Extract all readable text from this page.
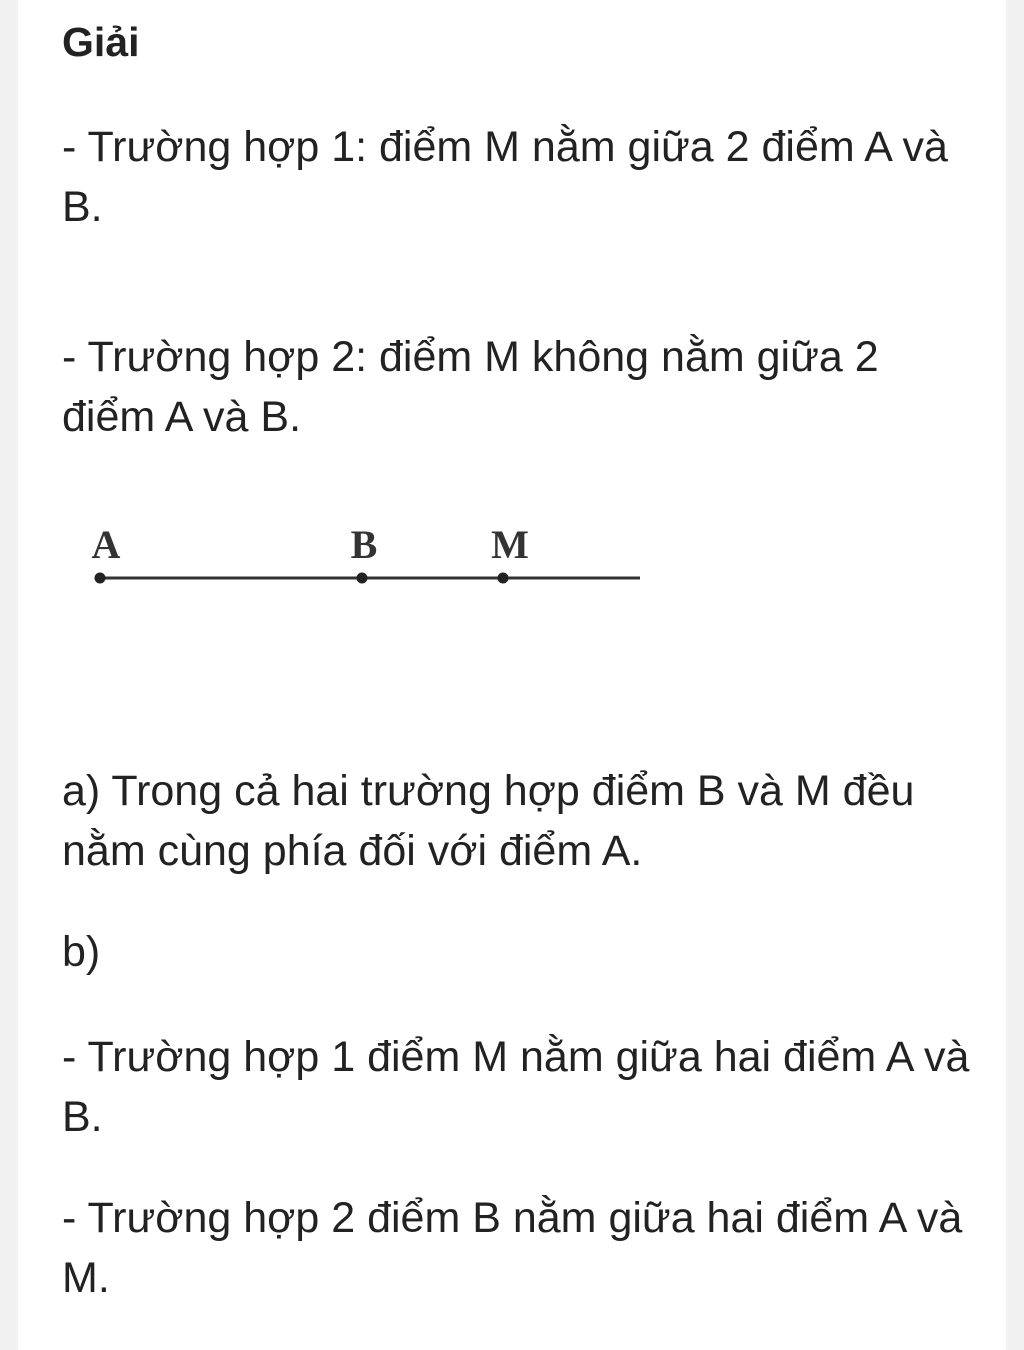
Giải

- Trường hợp 1: điểm M nằm giữa 2 điểm A và B.

- Trường hợp 2: điểm M không nằm giữa 2 điểm A và B.

A	B	M

a) Trong cả hai trường hợp điểm B và M đều nằm cùng phía đối với điểm A.

b)

- Trường hợp 1 điểm M nằm giữa hai điểm A và B.

- Trường hợp 2 điểm B nằm giữa hai điểm A và M.
